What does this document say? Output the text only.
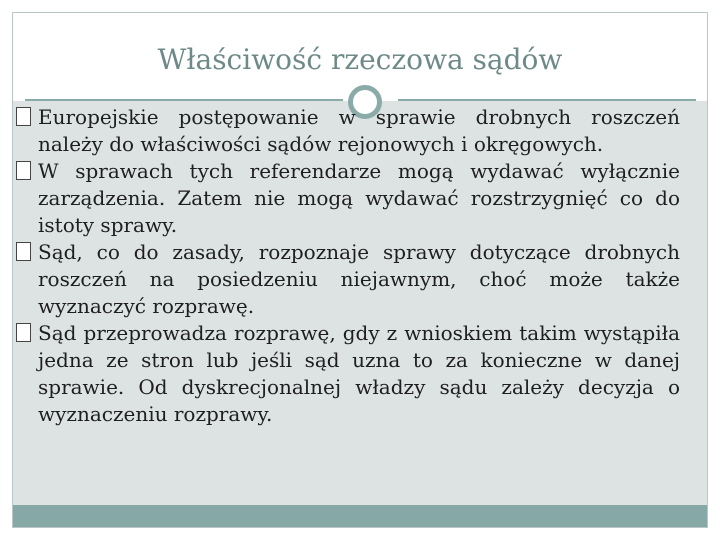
Właściwość rzeczowa sądów
Europejskie postępowanie w sprawie drobnych roszczeń należy do właściwości sądów rejonowych i okręgowych.
W sprawach tych referendarze mogą wydawać wyłącznie zarządzenia. Zatem nie mogą wydawać rozstrzygnięć co do istoty sprawy.
Sąd, co do zasady, rozpoznaje sprawy dotyczące drobnych roszczeń na posiedzeniu niejawnym, choć może także wyznaczyć rozprawę.
Sąd przeprowadza rozprawę, gdy z wnioskiem takim wystąpiła jedna ze stron lub jeśli sąd uzna to za konieczne w danej sprawie. Od dyskrecjonalnej władzy sądu zależy decyzja o wyznaczeniu rozprawy.
